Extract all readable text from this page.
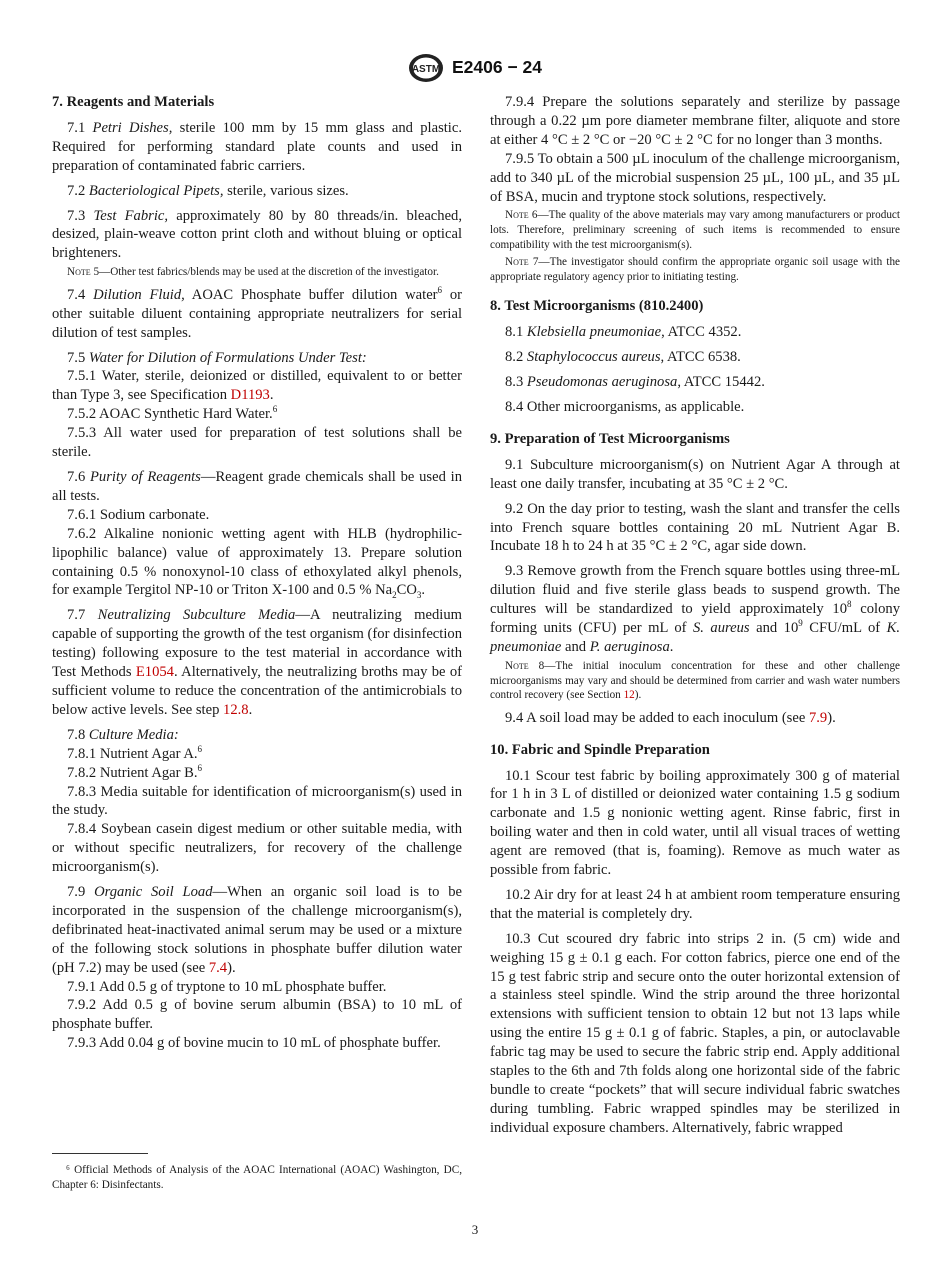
ASTM E2406 − 24
7. Reagents and Materials

7.1 Petri Dishes, sterile 100 mm by 15 mm glass and plastic. Required for performing standard plate counts and used in preparation of contaminated fabric carriers.

7.2 Bacteriological Pipets, sterile, various sizes.

7.3 Test Fabric, approximately 80 by 80 threads/in. bleached, desized, plain-weave cotton print cloth and without bluing or optical brighteners.

Note 5—Other test fabrics/blends may be used at the discretion of the investigator.

7.4 Dilution Fluid, AOAC Phosphate buffer dilution water$^6$ or other suitable diluent containing appropriate neutralizers for serial dilution of test samples.

7.5 Water for Dilution of Formulations Under Test:

7.5.1 Water, sterile, deionized or distilled, equivalent to or better than Type 3, see Specification D1193.

7.5.2 AOAC Synthetic Hard Water.$^6$

7.5.3 All water used for preparation of test solutions shall be sterile.

7.6 Purity of Reagents—Reagent grade chemicals shall be used in all tests.

7.6.1 Sodium carbonate.

7.6.2 Alkaline nonionic wetting agent with HLB (hydrophilic-lipophilic balance) value of approximately 13. Prepare solution containing 0.5 % nonoxynol-10 class of ethoxylated alkyl phenols, for example Tergitol NP-10 or Triton X-100 and 0.5 % $Na_2CO_3$.

7.7 Neutralizing Subculture Media—A neutralizing medium capable of supporting the growth of the test organism (for disinfection testing) following exposure to the test material in accordance with Test Methods E1054. Alternatively, the neutralizing broths may be of sufficient volume to reduce the concentration of the antimicrobials to below active levels. See step 12.8.

7.8 Culture Media:

7.8.1 Nutrient Agar A.$^6$

7.8.2 Nutrient Agar B.$^6$

7.8.3 Media suitable for identification of microorganism(s) used in the study.

7.8.4 Soybean casein digest medium or other suitable media, with or without specific neutralizers, for recovery of the challenge microorganism(s).

7.9 Organic Soil Load—When an organic soil load is to be incorporated in the suspension of the challenge microorganism(s), defibrinated heat-inactivated animal serum may be used or a mixture of the following stock solutions in phosphate buffer dilution water (pH 7.2) may be used (see 7.4).

7.9.1 Add 0.5 g of tryptone to 10 mL phosphate buffer.

7.9.2 Add 0.5 g of bovine serum albumin (BSA) to 10 mL of phosphate buffer.

7.9.3 Add 0.04 g of bovine mucin to 10 mL of phosphate buffer.

7.9.4 Prepare the solutions separately and sterilize by passage through a 0.22 µm pore diameter membrane filter, aliquote and store at either 4 °C ± 2 °C or −20 °C ± 2 °C for no longer than 3 months.

7.9.5 To obtain a 500 µL inoculum of the challenge microorganism, add to 340 µL of the microbial suspension 25 µL, 100 µL, and 35 µL of BSA, mucin and tryptone stock solutions, respectively.

Note 6—The quality of the above materials may vary among manufacturers or product lots. Therefore, preliminary screening of such items is recommended to ensure compatibility with the test microorganism(s).

Note 7—The investigator should confirm the appropriate organic soil usage with the appropriate regulatory agency prior to initiating testing.

8. Test Microorganisms (810.2400)

8.1 Klebsiella pneumoniae, ATCC 4352.

8.2 Staphylococcus aureus, ATCC 6538.

8.3 Pseudomonas aeruginosa, ATCC 15442.

8.4 Other microorganisms, as applicable.

9. Preparation of Test Microorganisms

9.1 Subculture microorganism(s) on Nutrient Agar A through at least one daily transfer, incubating at 35 °C ± 2 °C.

9.2 On the day prior to testing, wash the slant and transfer the cells into French square bottles containing 20 mL Nutrient Agar B. Incubate 18 h to 24 h at 35 °C ± 2 °C, agar side down.

9.3 Remove growth from the French square bottles using three-mL dilution fluid and five sterile glass beads to suspend growth. The cultures will be standardized to yield approximately $10^8$ colony forming units (CFU) per mL of S. aureus and $10^9$ CFU/mL of K. pneumoniae and P. aeruginosa.

Note 8—The initial inoculum concentration for these and other challenge microorganisms may vary and should be determined from carrier and wash water numbers control recovery (see Section 12).

9.4 A soil load may be added to each inoculum (see 7.9).

10. Fabric and Spindle Preparation

10.1 Scour test fabric by boiling approximately 300 g of material for 1 h in 3 L of distilled or deionized water containing 1.5 g sodium carbonate and 1.5 g nonionic wetting agent. Rinse fabric, first in boiling water and then in cold water, until all visual traces of wetting agent are removed (that is, foaming). Remove as much water as possible from fabric.

10.2 Air dry for at least 24 h at ambient room temperature ensuring that the material is completely dry.

10.3 Cut scoured dry fabric into strips 2 in. (5 cm) wide and weighing 15 g ± 0.1 g each. For cotton fabrics, pierce one end of the 15 g test fabric strip and secure onto the outer horizontal extension of a stainless steel spindle. Wind the strip around the three horizontal extensions with sufficient tension to obtain 12 but not 13 laps while using the entire 15 g ± 0.1 g of fabric. Staples, a pin, or autoclavable fabric tag may be used to secure the fabric strip end. Apply additional staples to the 6th and 7th folds along one horizontal side of the fabric bundle to create “pockets” that will secure individual fabric swatches during tumbling. Fabric wrapped spindles may be sterilized in individual exposure chambers. Alternatively, fabric wrapped

⁶ Official Methods of Analysis of the AOAC International (AOAC) Washington, DC, Chapter 6: Disinfectants.

3
